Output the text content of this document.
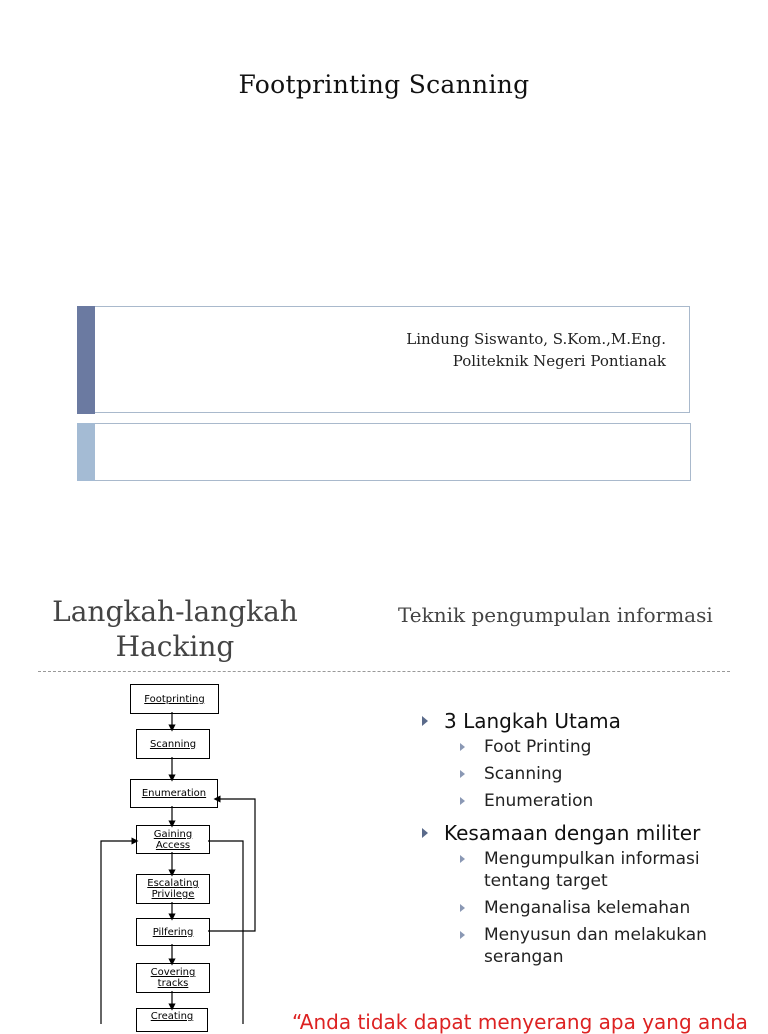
Footprinting Scanning
Lindung Siswanto, S.Kom.,M.Eng.
Politeknik Negeri Pontianak
Langkah-langkah
Hacking
Teknik pengumpulan informasi
Footprinting
Scanning
Enumeration
Gaining
Access
Escalating
Privilege
Pilfering
Covering
tracks
Creating
3 Langkah Utama
Foot Printing
Scanning
Enumeration
Kesamaan dengan militer
Mengumpulkan informasi tentang target
Menganalisa kelemahan
Menyusun dan melakukan serangan
“Anda tidak dapat menyerang apa yang anda
